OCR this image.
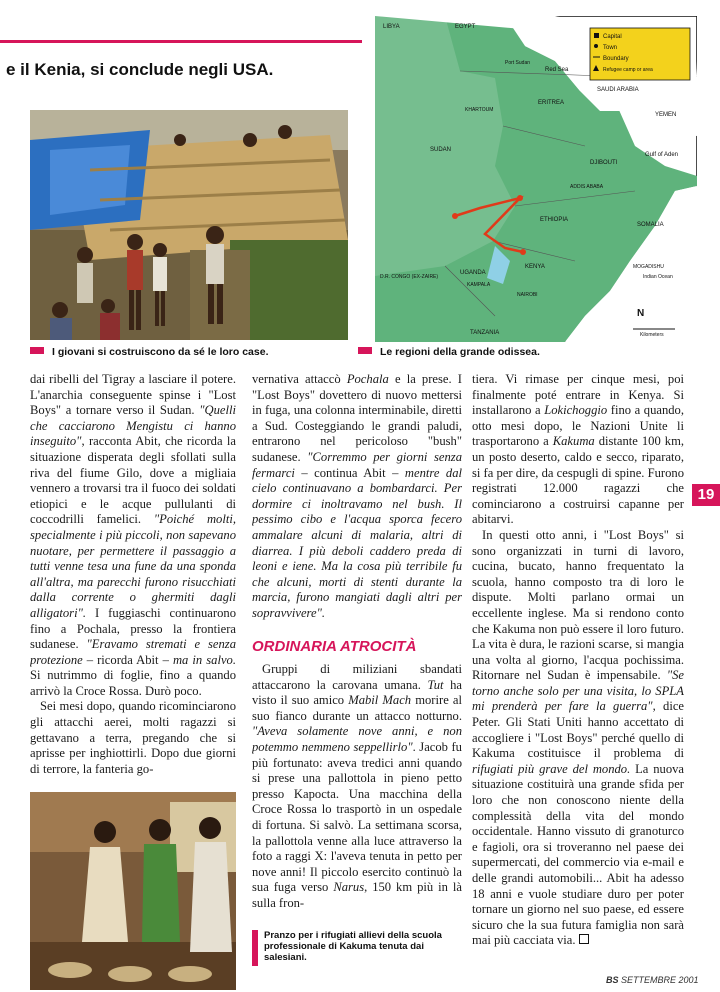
e il Kenia, si conclude negli USA.
I giovani si costruiscono da sé le loro case.
Capital
Town
Boundary
Refugee camp or area
LIBYA	EGYPT
Red Sea
SAUDI ARABIA
SUDAN
ERITREA
YEMEN
Gulf of Aden
DJIBOUTI
ETHIOPIA
SOMALIA
KENYA
UGANDA
TANZANIA
D.R. CONGO (EX-ZAIRE)	Indian Ocean
ADDIS ABABA
KHARTOUM
MOGADISHU
Port Sudan
NAIROBI
KAMPALA
N
Kilometers
Le regioni della grande odissea.

dai ribelli del Tigray a lasciare il potere. L'anarchia conseguente spinse i "Lost Boys" a tornare verso il Sudan. "Quelli che cacciarono Mengistu ci hanno inseguito", racconta Abit, che ricorda la situazione disperata degli sfollati sulla riva del fiume Gilo, dove a migliaia vennero a trovarsi tra il fuoco dei soldati etiopici e le acque pullulanti di coccodrilli famelici. "Poiché molti, specialmente i più piccoli, non sapevano nuotare, per permettere il passaggio a tutti venne tesa una fune da una sponda all'altra, ma parecchi furono risucchiati dalla corrente o ghermiti dagli alligatori". I fuggiaschi continuarono fino a Pochala, presso la frontiera sudanese. "Eravamo stremati e senza protezione – ricorda Abit – ma in salvo. Si nutrimmo di foglie, fino a quando arrivò la Croce Rossa. Durò poco.

Sei mesi dopo, quando ricominciarono gli attacchi aerei, molti ragazzi si gettavano a terra, pregando che si aprisse per inghiottirli. Dopo due giorni di terrore, la fanteria go-

vernativa attaccò Pochala e la prese. I "Lost Boys" dovettero di nuovo mettersi in fuga, una colonna interminabile, diretti a Sud. Costeggiando le grandi paludi, entrarono nel pericoloso "bush" sudanese. "Corremmo per giorni senza fermarci – continua Abit – mentre dal cielo continuavano a bombardarci. Per dormire ci inoltravamo nel bush. Il pessimo cibo e l'acqua sporca fecero ammalare alcuni di malaria, altri di diarrea. I più deboli caddero preda di leoni e iene. Ma la cosa più terribile fu che alcuni, morti di stenti durante la marcia, furono mangiati dagli altri per sopravvivere".

ORDINARIA ATROCITÀ

Gruppi di miliziani sbandati attaccarono la carovana umana. Tut ha visto il suo amico Mabil Mach morire al suo fianco durante un attacco notturno. "Aveva solamente nove anni, e non potemmo nemmeno seppellirlo". Jacob fu più fortunato: aveva tredici anni quando si prese una pallottola in pieno petto presso Kapocta. Una macchina della Croce Rossa lo trasportò in un ospedale di fortuna. Si salvò. La settimana scorsa, la pallottola venne alla luce attraverso la foto a raggi X: l'aveva tenuta in petto per nove anni! Il piccolo esercito continuò la sua fuga verso Narus, 150 km più in là sulla fron-

Pranzo per i rifugiati allievi della scuola professionale di Kakuma tenuta dai salesiani.

tiera. Vi rimase per cinque mesi, poi finalmente poté entrare in Kenya. Si installarono a Lokichoggio fino a quando, otto mesi dopo, le Nazioni Unite li trasportarono a Kakuma distante 100 km, un posto deserto, caldo e secco, riparato, si fa per dire, da cespugli di spine. Furono registrati 12.000 ragazzi che cominciarono a costruirsi capanne per abitarvi.

In questi otto anni, i "Lost Boys" si sono organizzati in turni di lavoro, cucina, bucato, hanno frequentato la scuola, hanno composto tra di loro le dispute. Molti parlano ormai un eccellente inglese. Ma si rendono conto che Kakuma non può essere il loro futuro. La vita è dura, le razioni scarse, si mangia una volta al giorno, l'acqua pochissima. Ritornare nel Sudan è impensabile. "Se torno anche solo per una visita, lo SPLA mi prenderà per fare la guerra", dice Peter. Gli Stati Uniti hanno accettato di accogliere i "Lost Boys" perché quello di Kakuma costituisce il problema di rifugiati più grave del mondo. La nuova situazione costituirà una grande sfida per loro che non conoscono niente della complessità della vita del mondo occidentale. Hanno vissuto di granoturco e fagioli, ora si troveranno nel paese dei supermercati, del commercio via e-mail e delle grandi automobili... Abit ha adesso 18 anni e vuole studiare duro per poter tornare un giorno nel suo paese, ed essere sicuro che la sua futura famiglia non sarà mai più cacciata via.

19
BS SETTEMBRE 2001
